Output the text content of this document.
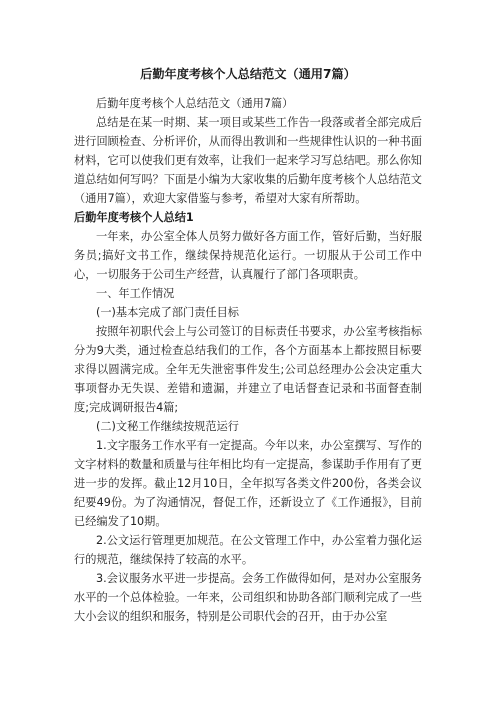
后勤年度考核个人总结范文（通用7篇）

后勤年度考核个人总结范文（通用7篇）

总结是在某一时期、某一项目或某些工作告一段落或者全部完成后进行回顾检查、分析评价，从而得出教训和一些规律性认识的一种书面材料，它可以使我们更有效率，让我们一起来学习写总结吧。那么你知道总结如何写吗？下面是小编为大家收集的后勤年度考核个人总结范文（通用7篇），欢迎大家借鉴与参考，希望对大家有所帮助。

后勤年度考核个人总结1

一年来，办公室全体人员努力做好各方面工作，管好后勤，当好服务员;搞好文书工作，继续保持规范化运行。一切服从于公司工作中心，一切服务于公司生产经营，认真履行了部门各项职责。

一、年工作情况

(一)基本完成了部门责任目标

按照年初职代会上与公司签订的目标责任书要求，办公室考核指标分为9大类，通过检查总结我们的工作，各个方面基本上都按照目标要求得以圆满完成。全年无失泄密事件发生;公司总经理办公会决定重大事项督办无失误、差错和遗漏，并建立了电话督查记录和书面督查制度;完成调研报告4篇;

(二)文秘工作继续按规范运行

1.文字服务工作水平有一定提高。今年以来，办公室撰写、写作的文字材料的数量和质量与往年相比均有一定提高，参谋助手作用有了更进一步的发挥。截止12月10日，全年拟写各类文件200份，各类会议纪要49份。为了沟通情况，督促工作，还新设立了《工作通报》，目前已经编发了10期。

2.公文运行管理更加规范。在公文管理工作中，办公室着力强化运行的规范，继续保持了较高的水平。

3.会议服务水平进一步提高。会务工作做得如何，是对办公室服务水平的一个总体检验。一年来，公司组织和协助各部门顺利完成了一些大小会议的组织和服务，特别是公司职代会的召开，由于办公室
